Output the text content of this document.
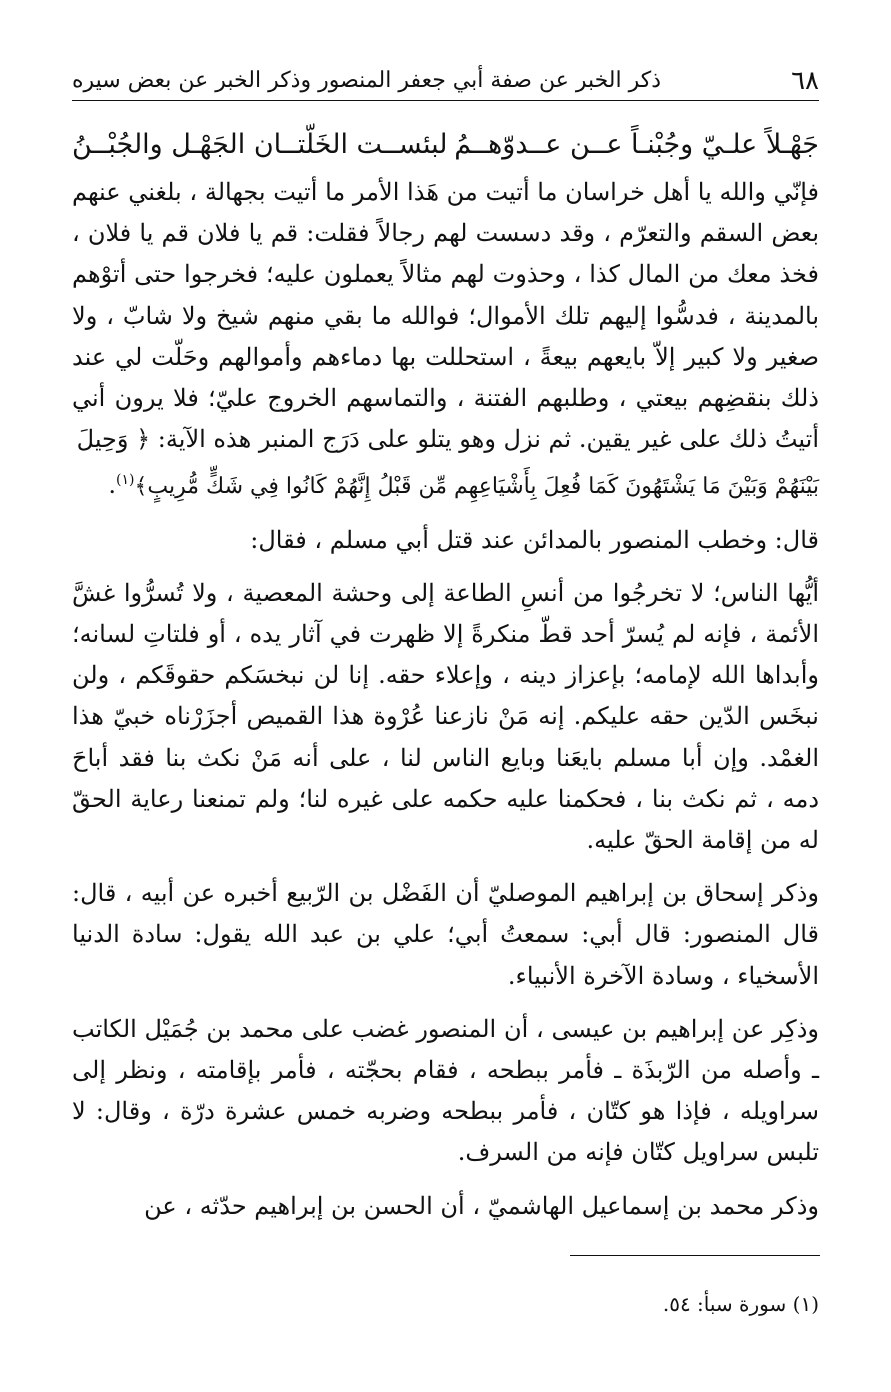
٦٨
ذكر الخبر عن صفة أبي جعفر المنصور وذكر الخبر عن بعض سيره
جَهْـلاً علـيّ وجُبْنـاً عــن عــدوّهــمُ
لبئســت الخَلّتــان الجَهْـل والجُبْــنُ

فإنّي والله يا أهل خراسان ما أتيت من هَذا الأمر ما أتيت بجهالة ، بلغني عنهم بعض السقم والتعرّم ، وقد دسست لهم رجالاً فقلت: قم يا فلان قم يا فلان ، فخذ معك من المال كذا ، وحذوت لهم مثالاً يعملون عليه؛ فخرجوا حتى أتوْهم بالمدينة ، فدسُّوا إليهم تلك الأموال؛ فوالله ما بقي منهم شيخ ولا شابّ ، ولا صغير ولا كبير إلاّ بايعهم بيعةً ، استحللت بها دماءهم وأموالهم وحَلّت لي عند ذلك بنقضِهم بيعتي ، وطلبهم الفتنة ، والتماسهم الخروج عليّ؛ فلا يرون أني أتيتُ ذلك على غير يقين. ثم نزل وهو يتلو على دَرَج المنبر هذه الآية: ﴿ وَحِيلَ
بَيْنَهُمْ وَبَيْنَ مَا يَشْتَهُونَ كَمَا فُعِلَ بِأَشْيَاعِهِم مِّن قَبْلُ إِنَّهُمْ كَانُوا فِي شَكٍّ مُّرِيبٍ﴾$^{(١)}$.

قال: وخطب المنصور بالمدائن عند قتل أبي مسلم ، فقال:

أيُّها الناس؛ لا تخرجُوا من أنسِ الطاعة إلى وحشة المعصية ، ولا تُسرُّوا غشَّ الأئمة ، فإنه لم يُسرّ أحد قطّ منكرةً إلا ظهرت في آثار يده ، أو فلتاتِ لسانه؛ وأبداها الله لإمامه؛ بإعزاز دينه ، وإعلاء حقه. إنا لن نبخسَكم حقوقَكم ، ولن نبخَس الدّين حقه عليكم. إنه مَنْ نازعنا عُرْوة هذا القميص أجزَرْناه خبيّ هذا الغمْد. وإن أبا مسلم بايعَنا وبايع الناس لنا ، على أنه مَنْ نكث بنا فقد أباحَ دمه ، ثم نكث بنا ، فحكمنا عليه حكمه على غيره لنا؛ ولم تمنعنا رعاية الحقّ له من إقامة الحقّ عليه.

وذكر إسحاق بن إبراهيم الموصليّ أن الفَضْل بن الرّبيع أخبره عن أبيه ، قال: قال المنصور: قال أبي: سمعتُ أبي؛ علي بن عبد الله يقول: سادة الدنيا الأسخياء ، وسادة الآخرة الأنبياء.

وذكِر عن إبراهيم بن عيسى ، أن المنصور غضب على محمد بن جُمَيْل الكاتب ـ وأصله من الرّبذَة ـ فأمر ببطحه ، فقام بحجّته ، فأمر بإقامته ، ونظر إلى سراويله ، فإذا هو كتّان ، فأمر ببطحه وضربه خمس عشرة درّة ، وقال: لا تلبس سراويل كتّان فإنه من السرف.

وذكر محمد بن إسماعيل الهاشميّ ، أن الحسن بن إبراهيم حدّثه ، عن

(١) سورة سبأ: ٥٤.
